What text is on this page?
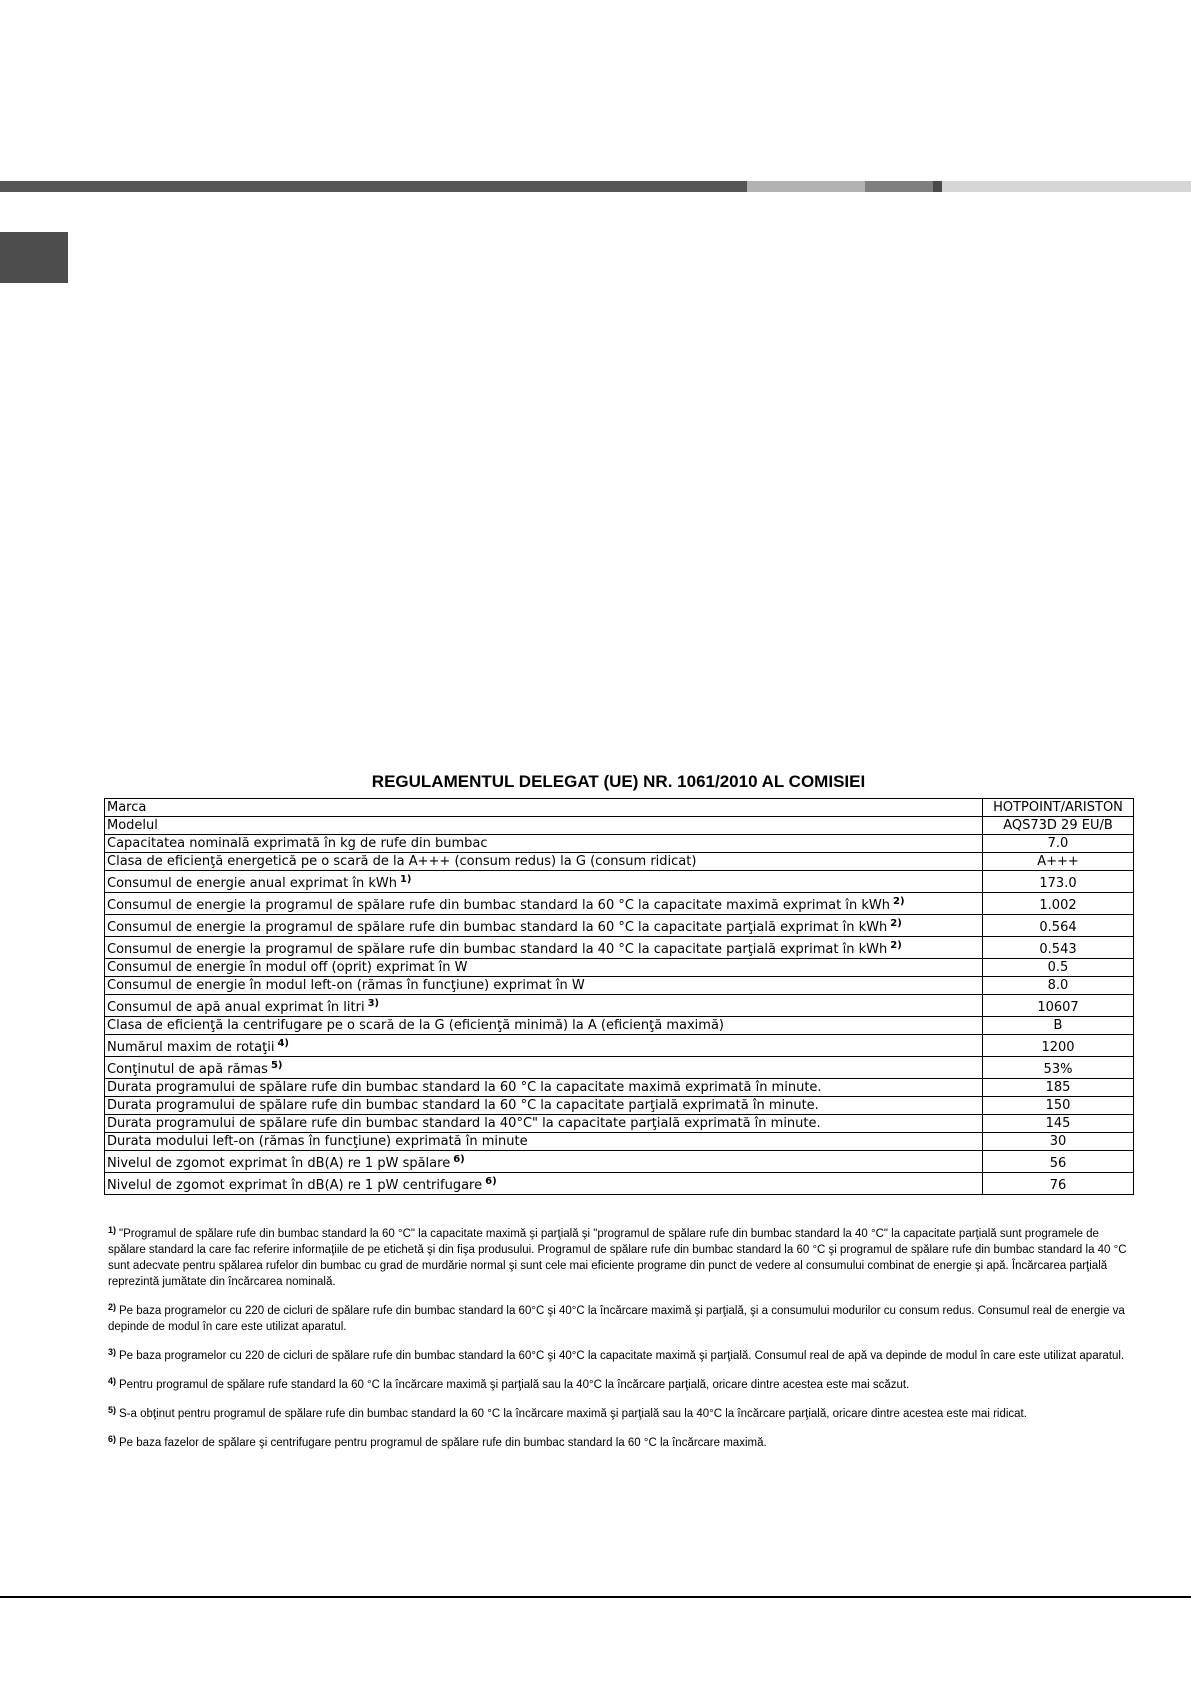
REGULAMENTUL DELEGAT (UE) NR. 1061/2010 AL COMISIEI
Marca	HOTPOINT/ARISTON
Modelul	AQS73D 29 EU/B
Capacitatea nominală exprimată în kg de rufe din bumbac	7.0
Clasa de eficienţă energetică pe o scară de la A+++ (consum redus) la G (consum ridicat)	A+++
Consumul de energie anual exprimat în kWh $^{1)}$	173.0
Consumul de energie la programul de spălare rufe din bumbac standard la 60 °C la capacitate maximă exprimat în kWh $^{2)}$	1.002
Consumul de energie la programul de spălare rufe din bumbac standard la 60 °C la capacitate parţială exprimat în kWh $^{2)}$	0.564
Consumul de energie la programul de spălare rufe din bumbac standard la 40 °C la capacitate parţială exprimat în kWh $^{2)}$	0.543
Consumul de energie în modul off (oprit) exprimat în W	0.5
Consumul de energie în modul left-on (rămas în funcţiune) exprimat în W	8.0
Consumul de apă anual exprimat în litri $^{3)}$	10607
Clasa de eficienţă la centrifugare pe o scară de la G (eficienţă minimă) la A (eficienţă maximă)	B
Numărul maxim de rotaţii $^{4)}$	1200
Conţinutul de apă rămas $^{5)}$	53%
Durata programului de spălare rufe din bumbac standard la 60 °C la capacitate maximă exprimată în minute.	185
Durata programului de spălare rufe din bumbac standard la 60 °C la capacitate parţială exprimată în minute.	150
Durata programului de spălare rufe din bumbac standard la 40°C" la capacitate parţială exprimată în minute.	145
Durata modului left-on (rămas în funcţiune) exprimată în minute	30
Nivelul de zgomot exprimat în dB(A) re 1 pW spălare $^{6)}$	56
Nivelul de zgomot exprimat în dB(A) re 1 pW centrifugare $^{6)}$	76

$^{1)}$ "Programul de spălare rufe din bumbac standard la 60 °C" la capacitate maximă şi parţială şi "programul de spălare rufe din bumbac standard la 40 °C" la capacitate parţială sunt programele de spălare standard la care fac referire informaţiile de pe etichetă şi din fişa produsului. Programul de spălare rufe din bumbac standard la 60 °C şi programul de spălare rufe din bumbac standard la 40 °C sunt adecvate pentru spălarea rufelor din bumbac cu grad de murdărie normal şi sunt cele mai eficiente programe din punct de vedere al consumului combinat de energie şi apă. Încărcarea parţială reprezintă jumătate din încărcarea nominală.

$^{2)}$ Pe baza programelor cu 220 de cicluri de spălare rufe din bumbac standard la 60°C şi 40°C la încărcare maximă şi parţială, şi a consumului modurilor cu consum redus. Consumul real de energie va depinde de modul în care este utilizat aparatul.

$^{3)}$ Pe baza programelor cu 220 de cicluri de spălare rufe din bumbac standard la 60°C şi 40°C la capacitate maximă şi parţială. Consumul real de apă va depinde de modul în care este utilizat aparatul.

$^{4)}$ Pentru programul de spălare rufe standard la 60 °C la încărcare maximă şi parţială sau la 40°C la încărcare parţială, oricare dintre acestea este mai scăzut.

$^{5)}$ S-a obţinut pentru programul de spălare rufe din bumbac standard la 60 °C la încărcare maximă şi parţială sau la 40°C la încărcare parţială, oricare dintre acestea este mai ridicat.

$^{6)}$ Pe baza fazelor de spălare şi centrifugare pentru programul de spălare rufe din bumbac standard la 60 °C la încărcare maximă.
